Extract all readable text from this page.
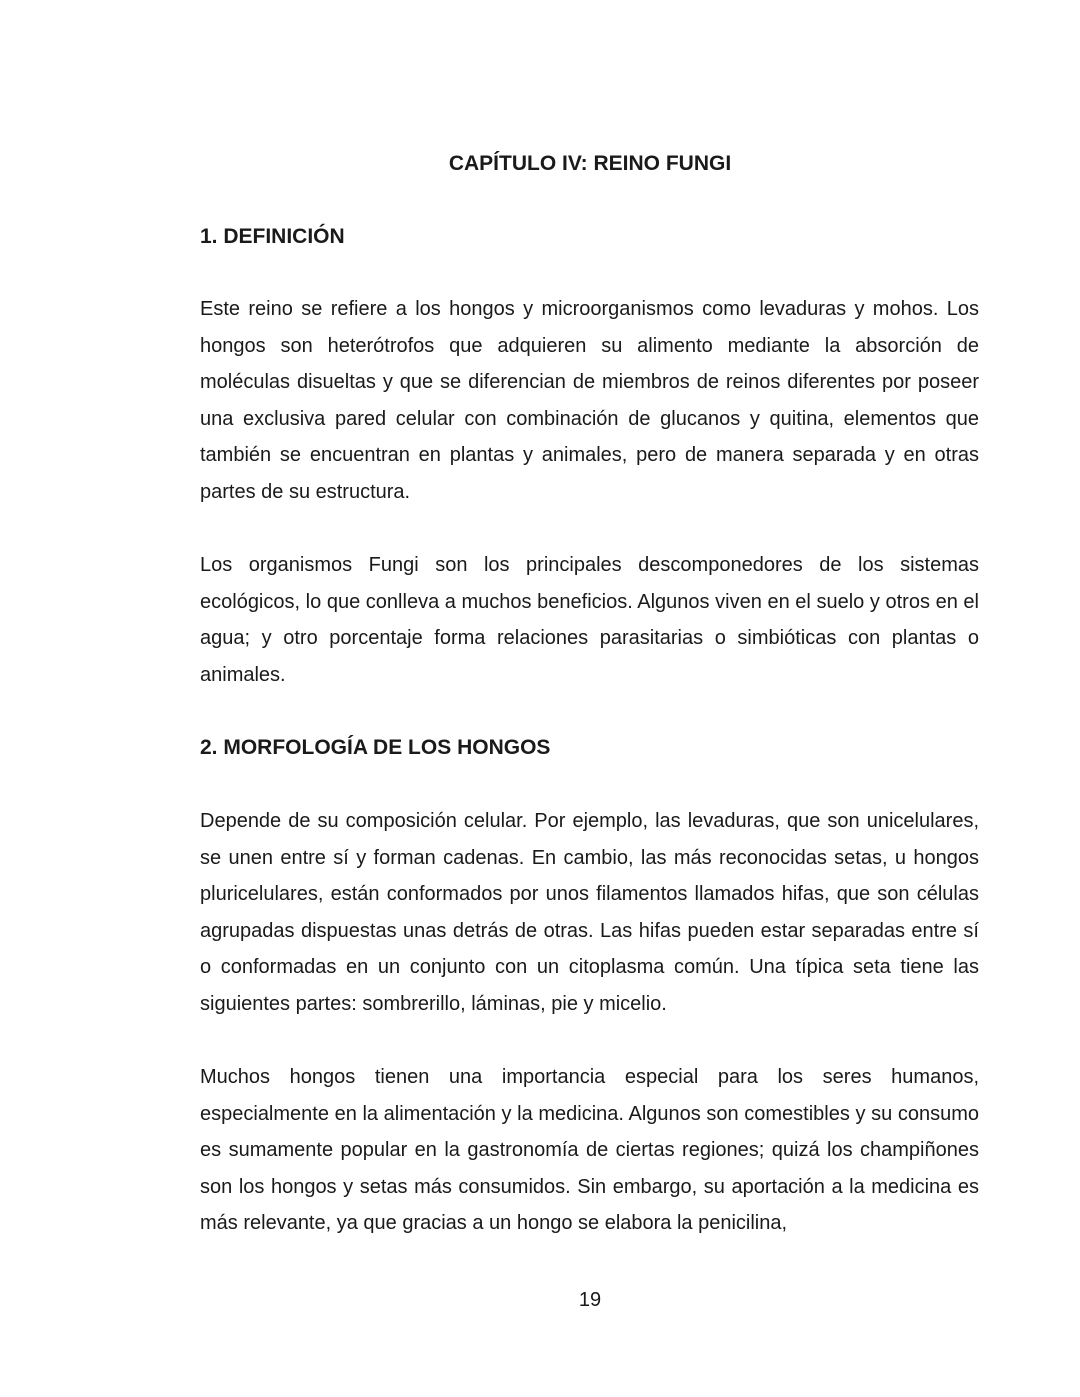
CAPÍTULO IV: REINO FUNGI
1. DEFINICIÓN

Este reino se refiere a los hongos y microorganismos como levaduras y mohos. Los hongos son heterótrofos que adquieren su alimento mediante la absorción de moléculas disueltas y que se diferencian de miembros de reinos diferentes por poseer una exclusiva pared celular con combinación de glucanos y quitina, elementos que también se encuentran en plantas y animales, pero de manera separada y en otras partes de su estructura.

Los organismos Fungi son los principales descomponedores de los sistemas ecológicos, lo que conlleva a muchos beneficios. Algunos viven en el suelo y otros en el agua; y otro porcentaje forma relaciones parasitarias o simbióticas con plantas o animales.

2. MORFOLOGÍA DE LOS HONGOS

Depende de su composición celular. Por ejemplo, las levaduras, que son unicelulares, se unen entre sí y forman cadenas. En cambio, las más reconocidas setas, u hongos pluricelulares, están conformados por unos filamentos llamados hifas, que son células agrupadas dispuestas unas detrás de otras. Las hifas pueden estar separadas entre sí o conformadas en un conjunto con un citoplasma común. Una típica seta tiene las siguientes partes: sombrerillo, láminas, pie y micelio.

Muchos hongos tienen una importancia especial para los seres humanos, especialmente en la alimentación y la medicina. Algunos son comestibles y su consumo es sumamente popular en la gastronomía de ciertas regiones; quizá los champiñones son los hongos y setas más consumidos. Sin embargo, su aportación a la medicina es más relevante, ya que gracias a un hongo se elabora la penicilina,

19
